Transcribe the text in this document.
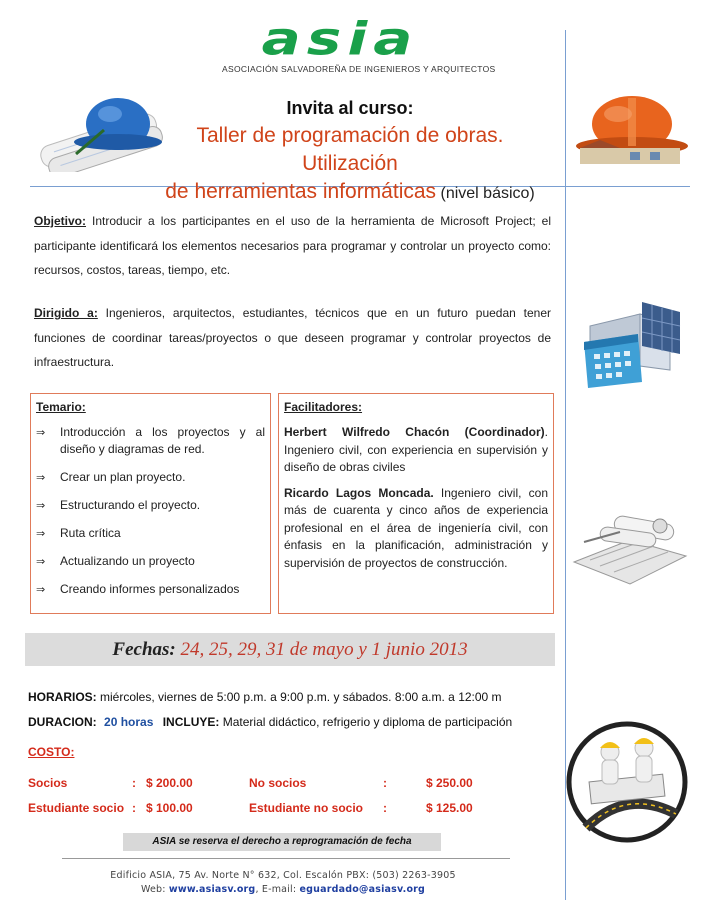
asia
ASOCIACIÓN SALVADOREÑA DE INGENIEROS Y ARQUITECTOS
Invita al curso:
Taller de programación de obras. Utilización
de herramientas informáticas (nivel básico)
Objetivo: Introducir a los participantes en el uso de la herramienta de Microsoft Project; el participante identificará los elementos necesarios para programar y controlar un proyecto como: recursos, costos, tareas, tiempo, etc.
Dirigido a: Ingenieros, arquitectos, estudiantes, técnicos que en un futuro puedan tener funciones de coordinar tareas/proyectos o que deseen programar y controlar proyectos de infraestructura.
Temario:
⇒	Introducción a los proyectos y al diseño y diagramas de red.
⇒	Crear un plan proyecto.
⇒	Estructurando el proyecto.
⇒	Ruta crítica
⇒	Actualizando un proyecto
⇒	Creando informes personalizados
Facilitadores:
Herbert Wilfredo Chacón (Coordinador). Ingeniero civil, con experiencia en supervisión y diseño de obras civiles
Ricardo Lagos Moncada. Ingeniero civil, con más de cuarenta y cinco años de experiencia profesional en el área de ingeniería civil, con énfasis en la planificación, administración y supervisión de proyectos de construcción.
Fechas: 24, 25, 29, 31 de mayo y 1 junio 2013
HORARIOS: miércoles, viernes de 5:00 p.m. a 9:00 p.m. y sábados. 8:00 a.m. a 12:00 m
DURACION: 20 horas INCLUYE: Material didáctico, refrigerio y diploma de participación
COSTO:
Socios	: $ 200.00	No socios	:	$ 250.00
Estudiante socio : $ 100.00	Estudiante no socio :	$ 125.00
ASIA se reserva el derecho a reprogramación de fecha
Edificio ASIA, 75 Av. Norte N° 632, Col. Escalón PBX: (503) 2263-3905
Web: www.asiasv.org, E-mail: eguardado@asiasv.org
